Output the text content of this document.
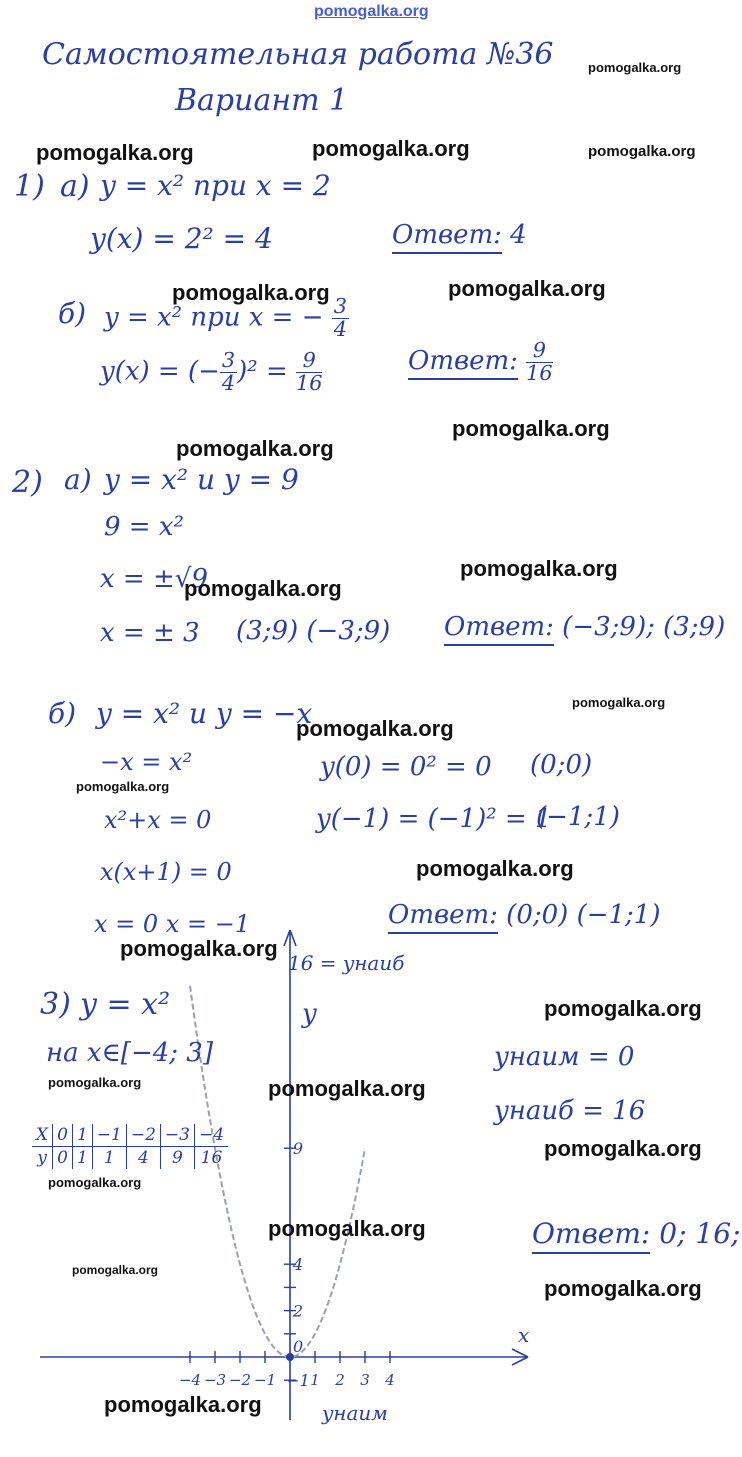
pomogalka.org
Самостоятельная работа №36
Вариант 1
1) а) y = x² при x = 2
y(x) = 2² = 4	Ответ: 4
б) y = x² при x = − $\frac{3}{4}$
y(x) = (− $\frac{3}{4} )^2 = \frac{9}{16}$	Ответ: $\frac{9}{16}$
2) а) y = x² и y = 9
9 = x²
x = ±√9
x = ± 3 (3;9) (−3;9) Ответ: (−3;9); (3;9)
б) y = x² и y = −x
−x = x²
x²+x = 0
x(x+1) = 0
x = 0 x = −1
y(0) = 0² = 0 (0;0)
y(−1) = (−1)² = 1
(−1;1)
Ответ: (0;0) (−1;1)
−4 −3 −2 −1 1 2 3 4
9
4
2
−1
y
x
16 = yнаиб
yнаим
0
3) y = x²
на x∈[−4; 3]
X	0	1	−1	−2	−3	−4
y	0	1	1	4	9	16
yнаим = 0
yнаиб = 16
Ответ: 0; 16;
pomogalka.org
pomogalka.org	pomogalka.org	pomogalka.org
pomogalka.org	pomogalka.org
pomogalka.org
pomogalka.org
pomogalka.org
pomogalka.org
pomogalka.org
pomogalka.org
pomogalka.org
pomogalka.org
pomogalka.org
pomogalka.org
pomogalka.org	pomogalka.org
pomogalka.org
pomogalka.org
pomogalka.org
pomogalka.org
pomogalka.org
pomogalka.org
